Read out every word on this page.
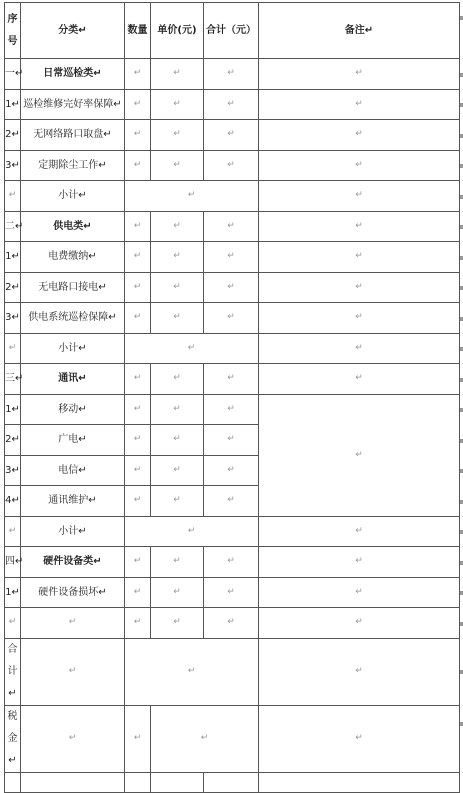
序
号	分类↵	数量	单价(元)	合计（元）	备注↵
一↵	日常巡检类↵	↵	↵	↵	↵
1↵	巡检维修完好率保障↵	↵	↵	↵	↵
2↵	无网络路口取盘↵	↵	↵	↵	↵
3↵	定期除尘工作↵	↵	↵	↵	↵
↵	小计↵	↵			↵
二↵	供电类↵	↵	↵	↵	↵
1↵	电费缴纳↵	↵	↵	↵	↵
2↵	无电路口接电↵	↵	↵	↵	↵
3↵	供电系统巡检保障↵	↵	↵	↵	↵
↵	小计↵	↵			↵
三↵	通讯↵	↵	↵	↵	↵
1↵	移动↵	↵	↵	↵	↵
2↵	广电↵	↵	↵	↵	
3↵	电信↵	↵	↵	↵	
4↵	通讯维护↵	↵	↵	↵	
↵	小计↵	↵			↵
四↵	硬件设备类↵	↵	↵	↵	↵
1↵	硬件设备损坏↵	↵	↵	↵	↵
↵	↵	↵	↵	↵	↵
合
计↵	↵	↵			↵
税
金↵	↵	↵	↵		↵
